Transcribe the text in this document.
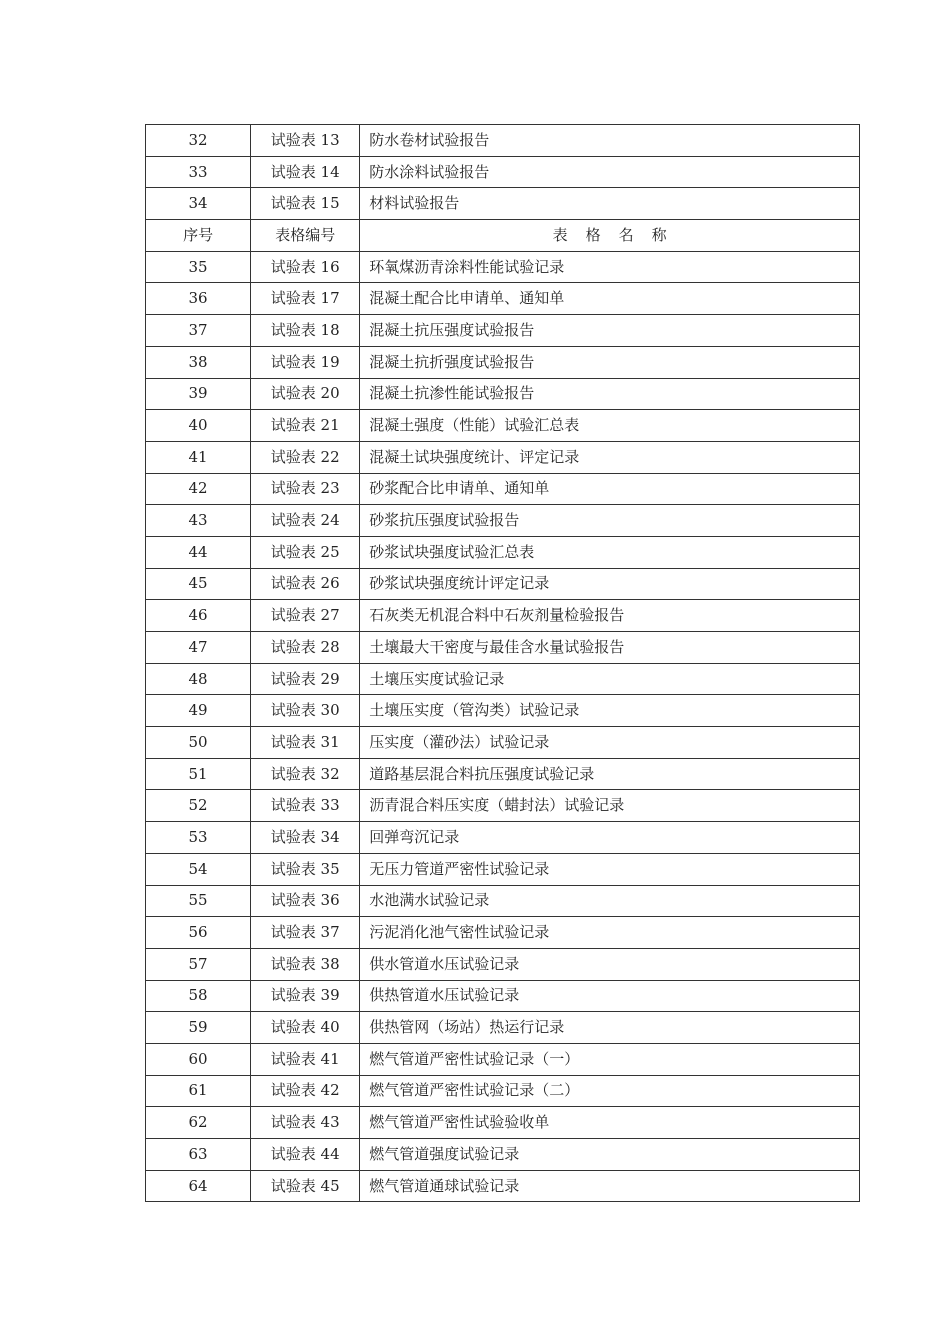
32	试验表 13	防水卷材试验报告
33	试验表 14	防水涂料试验报告
34	试验表 15	材料试验报告
序号	表格编号	表格名称
35	试验表 16	环氧煤沥青涂料性能试验记录
36	试验表 17	混凝土配合比申请单、通知单
37	试验表 18	混凝土抗压强度试验报告
38	试验表 19	混凝土抗折强度试验报告
39	试验表 20	混凝土抗渗性能试验报告
40	试验表 21	混凝土强度（性能）试验汇总表
41	试验表 22	混凝土试块强度统计、评定记录
42	试验表 23	砂浆配合比申请单、通知单
43	试验表 24	砂浆抗压强度试验报告
44	试验表 25	砂浆试块强度试验汇总表
45	试验表 26	砂浆试块强度统计评定记录
46	试验表 27	石灰类无机混合料中石灰剂量检验报告
47	试验表 28	土壤最大干密度与最佳含水量试验报告
48	试验表 29	土壤压实度试验记录
49	试验表 30	土壤压实度（管沟类）试验记录
50	试验表 31	压实度（灌砂法）试验记录
51	试验表 32	道路基层混合料抗压强度试验记录
52	试验表 33	沥青混合料压实度（蜡封法）试验记录
53	试验表 34	回弹弯沉记录
54	试验表 35	无压力管道严密性试验记录
55	试验表 36	水池满水试验记录
56	试验表 37	污泥消化池气密性试验记录
57	试验表 38	供水管道水压试验记录
58	试验表 39	供热管道水压试验记录
59	试验表 40	供热管网（场站）热运行记录
60	试验表 41	燃气管道严密性试验记录（一）
61	试验表 42	燃气管道严密性试验记录（二）
62	试验表 43	燃气管道严密性试验验收单
63	试验表 44	燃气管道强度试验记录
64	试验表 45	燃气管道通球试验记录
